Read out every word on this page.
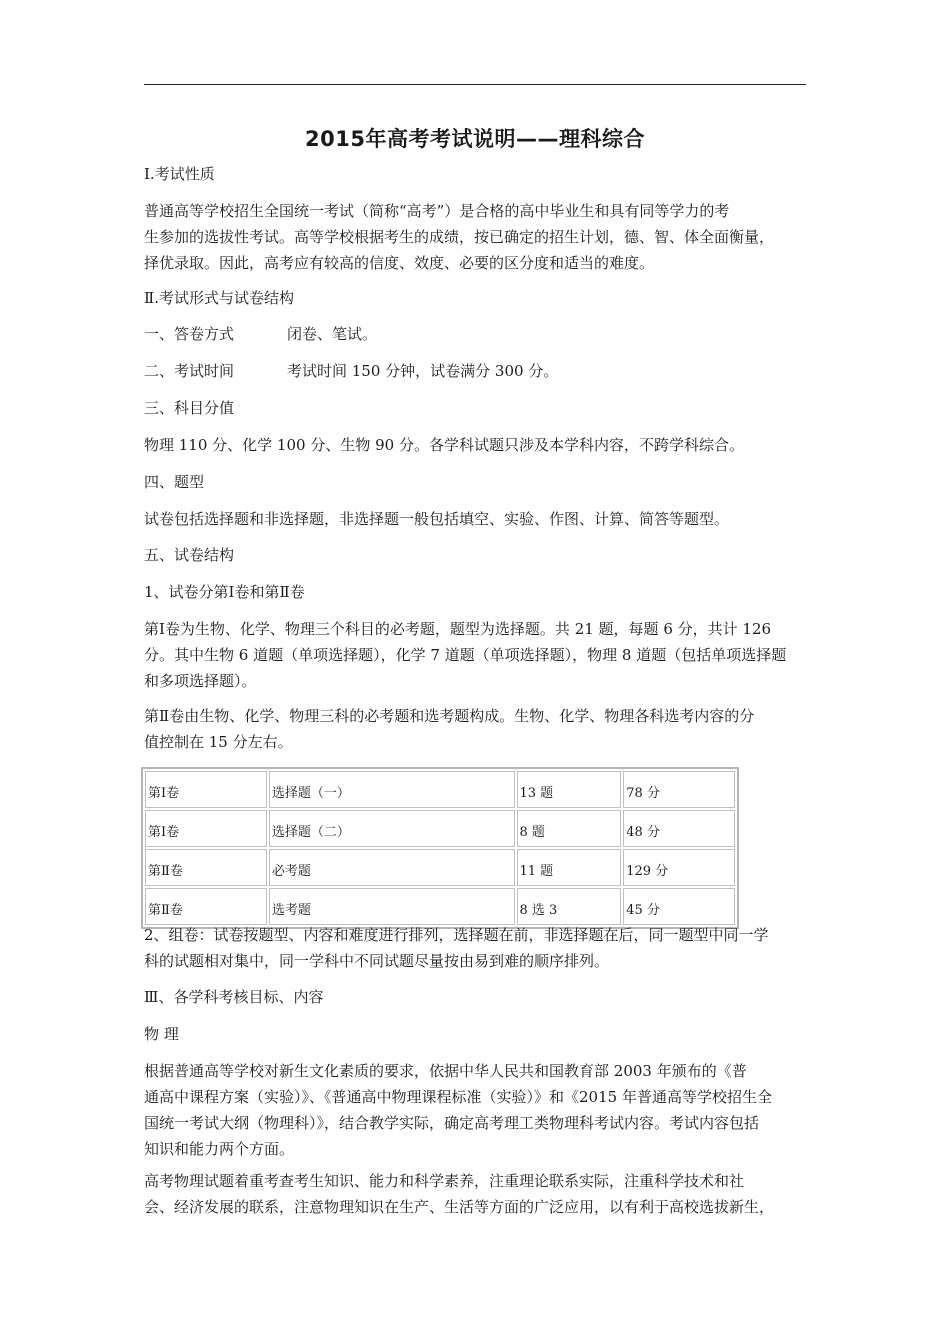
2015年高考考试说明——理科综合

Ⅰ.考试性质

普通高等学校招生全国统一考试（简称“高考”）是合格的高中毕业生和具有同等学力的考
生参加的选拔性考试。高等学校根据考生的成绩，按已确定的招生计划，德、智、体全面衡量，
择优录取。因此，高考应有较高的信度、效度、必要的区分度和适当的难度。

Ⅱ.考试形式与试卷结构

一、答卷方式	闭卷、笔试。

二、考试时间	考试时间 150 分钟，试卷满分 300 分。

三、科目分值

物理 110 分、化学 100 分、生物 90 分。各学科试题只涉及本学科内容，不跨学科综合。

四、题型

试卷包括选择题和非选择题，非选择题一般包括填空、实验、作图、计算、简答等题型。

五、试卷结构

1、试卷分第Ⅰ卷和第Ⅱ卷

第Ⅰ卷为生物、化学、物理三个科目的必考题，题型为选择题。共 21 题，每题 6 分，共计 126
分。其中生物 6 道题（单项选择题），化学 7 道题（单项选择题），物理 8 道题（包括单项选择题
和多项选择题）。

第Ⅱ卷由生物、化学、物理三科的必考题和选考题构成。生物、化学、物理各科选考内容的分
值控制在 15 分左右。

第Ⅰ卷	选择题（一）	13 题	78 分
第Ⅰ卷	选择题（二）	8 题	48 分
第Ⅱ卷	必考题	11 题	129 分
第Ⅱ卷	选考题	8 选 3	45 分

2、组卷：试卷按题型、内容和难度进行排列，选择题在前，非选择题在后，同一题型中同一学
科的试题相对集中，同一学科中不同试题尽量按由易到难的顺序排列。

Ⅲ、各学科考核目标、内容

物 理

根据普通高等学校对新生文化素质的要求，依据中华人民共和国教育部 2003 年颁布的《普
通高中课程方案（实验）》、《普通高中物理课程标准（实验）》和《2015 年普通高等学校招生全
国统一考试大纲（物理科）》，结合教学实际，确定高考理工类物理科考试内容。考试内容包括
知识和能力两个方面。

高考物理试题着重考查考生知识、能力和科学素养，注重理论联系实际，注重科学技术和社
会、经济发展的联系，注意物理知识在生产、生活等方面的广泛应用，以有利于高校选拔新生，
